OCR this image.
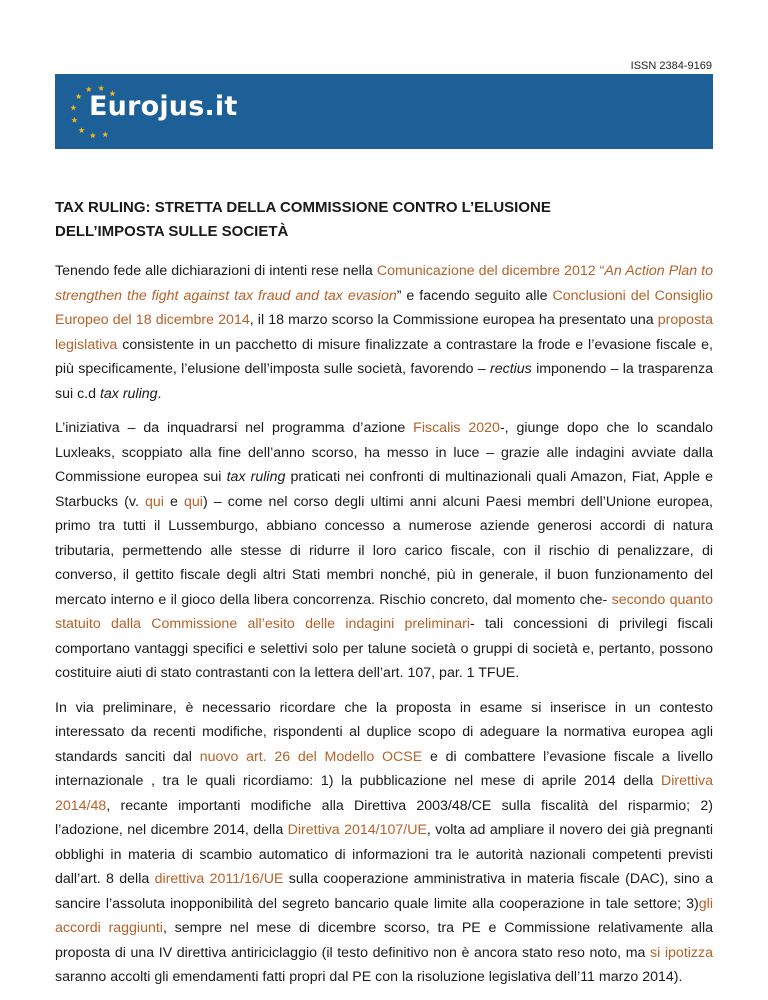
ISSN 2384-9169
Eurojus.it
TAX RULING: STRETTA DELLA COMMISSIONE CONTRO L’ELUSIONE
DELL’IMPOSTA SULLE SOCIETÀ

Tenendo fede alle dichiarazioni di intenti rese nella Comunicazione del dicembre 2012 “An Action Plan to strengthen the fight against tax fraud and tax evasion” e facendo seguito alle Conclusioni del Consiglio Europeo del 18 dicembre 2014, il 18 marzo scorso la Commissione europea ha presentato una proposta legislativa consistente in un pacchetto di misure finalizzate a contrastare la frode e l’evasione fiscale e, più specificamente, l’elusione dell’imposta sulle società, favorendo – rectius imponendo – la trasparenza sui c.d tax ruling.

L’iniziativa – da inquadrarsi nel programma d’azione Fiscalis 2020-, giunge dopo che lo scandalo Luxleaks, scoppiato alla fine dell’anno scorso, ha messo in luce – grazie alle indagini avviate dalla Commissione europea sui tax ruling praticati nei confronti di multinazionali quali Amazon, Fiat, Apple e Starbucks (v. qui e qui) – come nel corso degli ultimi anni alcuni Paesi membri dell’Unione europea, primo tra tutti il Lussemburgo, abbiano concesso a numerose aziende generosi accordi di natura tributaria, permettendo alle stesse di ridurre il loro carico fiscale, con il rischio di penalizzare, di converso, il gettito fiscale degli altri Stati membri nonché, più in generale, il buon funzionamento del mercato interno e il gioco della libera concorrenza. Rischio concreto, dal momento che- secondo quanto statuito dalla Commissione all’esito delle indagini preliminari- tali concessioni di privilegi fiscali comportano vantaggi specifici e selettivi solo per talune società o gruppi di società e, pertanto, possono costituire aiuti di stato contrastanti con la lettera dell’art. 107, par. 1 TFUE.

In via preliminare, è necessario ricordare che la proposta in esame si inserisce in un contesto interessato da recenti modifiche, rispondenti al duplice scopo di adeguare la normativa europea agli standards sanciti dal nuovo art. 26 del Modello OCSE e di combattere l’evasione fiscale a livello internazionale , tra le quali ricordiamo: 1) la pubblicazione nel mese di aprile 2014 della Direttiva 2014/48, recante importanti modifiche alla Direttiva 2003/48/CE sulla fiscalità del risparmio; 2) l’adozione, nel dicembre 2014, della Direttiva 2014/107/UE, volta ad ampliare il novero dei già pregnanti obblighi in materia di scambio automatico di informazioni tra le autorità nazionali competenti previsti dall’art. 8 della direttiva 2011/16/UE sulla cooperazione amministrativa in materia fiscale (DAC), sino a sancire l’assoluta inopponibilità del segreto bancario quale limite alla cooperazione in tale settore; 3)gli accordi raggiunti, sempre nel mese di dicembre scorso, tra PE e Commissione relativamente alla proposta di una IV direttiva antiriciclaggio (il testo definitivo non è ancora stato reso noto, ma si ipotizza saranno accolti gli emendamenti fatti propri dal PE con la risoluzione legislativa dell’11 marzo 2014).
